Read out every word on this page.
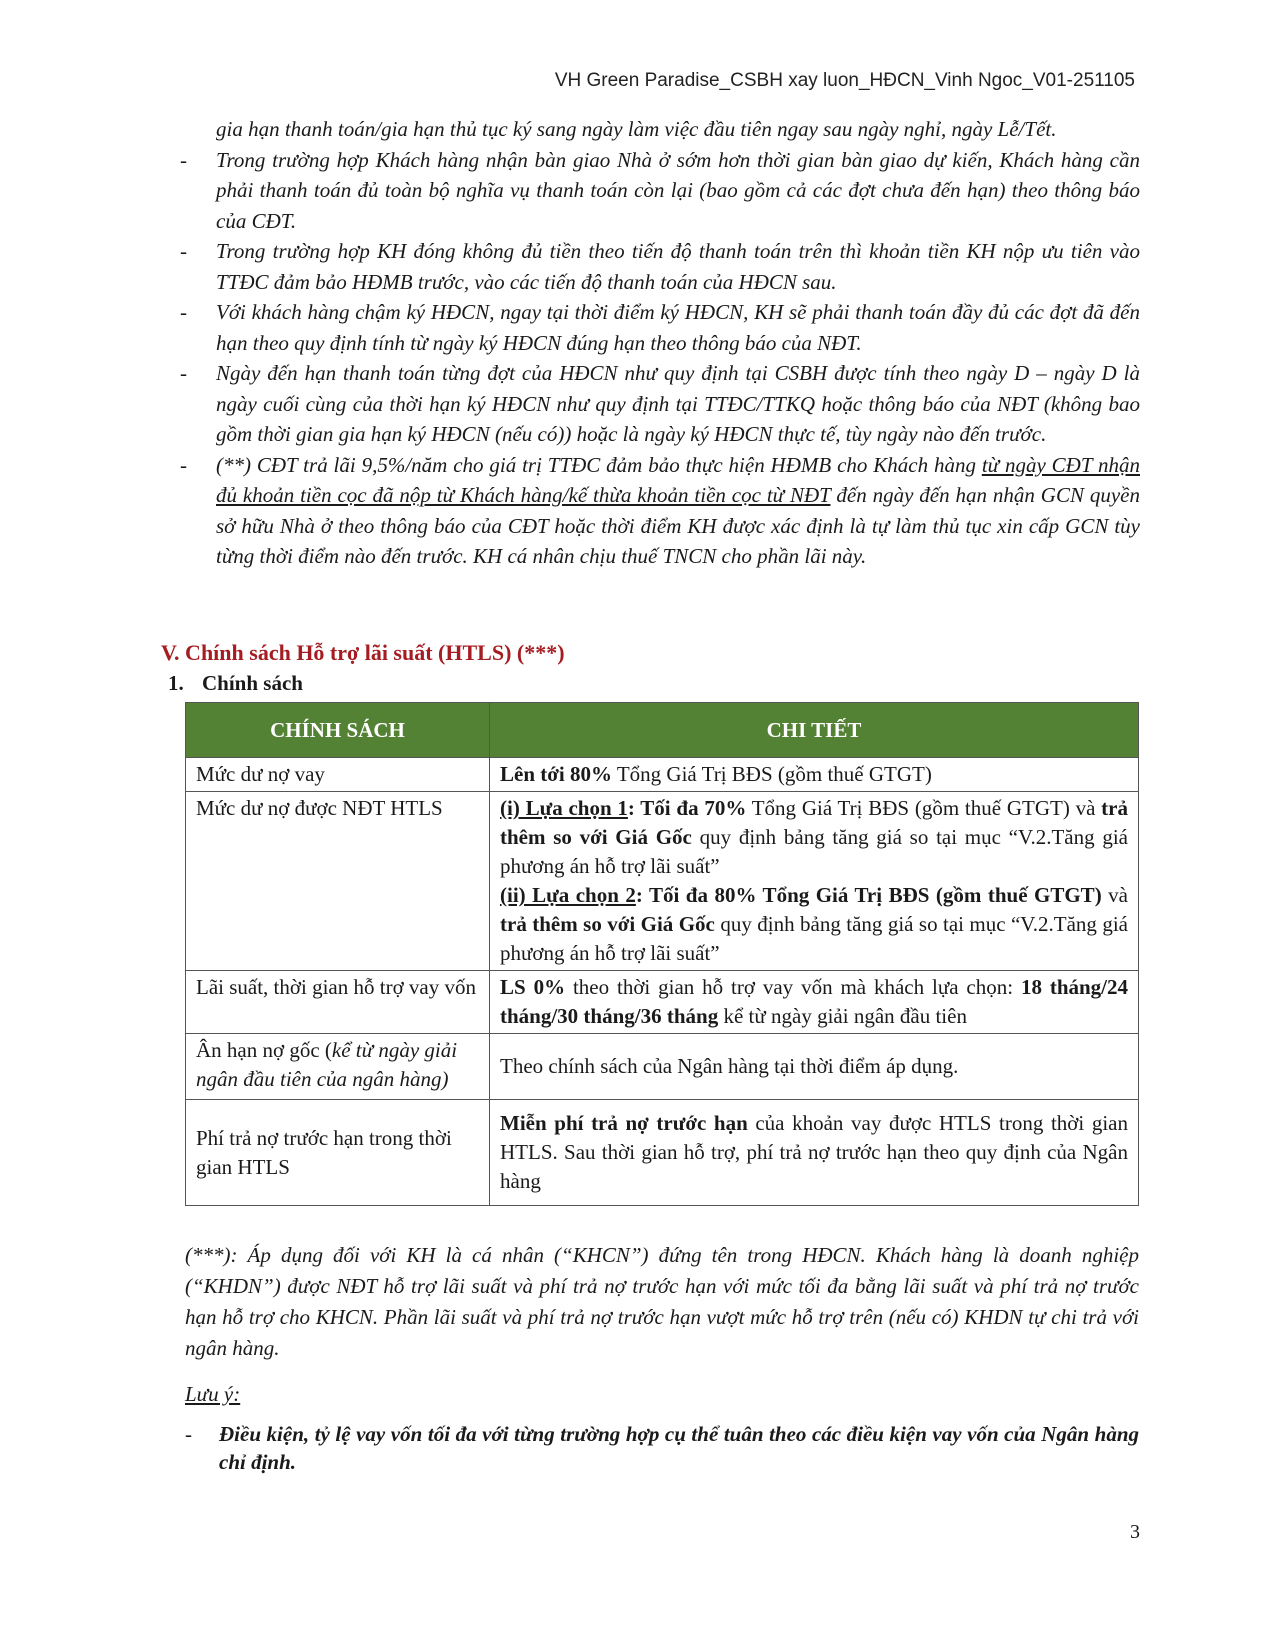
VH Green Paradise_CSBH xay luon_HĐCN_Vinh Ngoc_V01-251105
gia hạn thanh toán/gia hạn thủ tục ký sang ngày làm việc đầu tiên ngay sau ngày nghỉ, ngày Lễ/Tết.
- Trong trường hợp Khách hàng nhận bàn giao Nhà ở sớm hơn thời gian bàn giao dự kiến, Khách hàng cần phải thanh toán đủ toàn bộ nghĩa vụ thanh toán còn lại (bao gồm cả các đợt chưa đến hạn) theo thông báo của CĐT.
- Trong trường hợp KH đóng không đủ tiền theo tiến độ thanh toán trên thì khoản tiền KH nộp ưu tiên vào TTĐC đảm bảo HĐMB trước, vào các tiến độ thanh toán của HĐCN sau.
- Với khách hàng chậm ký HĐCN, ngay tại thời điểm ký HĐCN, KH sẽ phải thanh toán đầy đủ các đợt đã đến hạn theo quy định tính từ ngày ký HĐCN đúng hạn theo thông báo của NĐT.
- Ngày đến hạn thanh toán từng đợt của HĐCN như quy định tại CSBH được tính theo ngày D – ngày D là ngày cuối cùng của thời hạn ký HĐCN như quy định tại TTĐC/TTKQ hoặc thông báo của NĐT (không bao gồm thời gian gia hạn ký HĐCN (nếu có)) hoặc là ngày ký HĐCN thực tế, tùy ngày nào đến trước.
- (**) CĐT trả lãi 9,5%/năm cho giá trị TTĐC đảm bảo thực hiện HĐMB cho Khách hàng từ ngày CĐT nhận đủ khoản tiền cọc đã nộp từ Khách hàng/kế thừa khoản tiền cọc từ NĐT đến ngày đến hạn nhận GCN quyền sở hữu Nhà ở theo thông báo của CĐT hoặc thời điểm KH được xác định là tự làm thủ tục xin cấp GCN tùy từng thời điểm nào đến trước. KH cá nhân chịu thuế TNCN cho phần lãi này.
V. Chính sách Hỗ trợ lãi suất (HTLS) (***)
1. Chính sách
CHÍNH SÁCH	CHI TIẾT
Mức dư nợ vay	Lên tới 80% Tổng Giá Trị BĐS (gồm thuế GTGT)
Mức dư nợ được NĐT HTLS	(i) Lựa chọn 1: Tối đa 70% Tổng Giá Trị BĐS (gồm thuế GTGT) và trả thêm so với Giá Gốc quy định bảng tăng giá so tại mục “V.2.Tăng giá phương án hỗ trợ lãi suất”
(ii) Lựa chọn 2: Tối đa 80% Tổng Giá Trị BĐS (gồm thuế GTGT) và trả thêm so với Giá Gốc quy định bảng tăng giá so tại mục “V.2.Tăng giá phương án hỗ trợ lãi suất”

Lãi suất, thời gian hỗ trợ vay vốn	LS 0% theo thời gian hỗ trợ vay vốn mà khách lựa chọn: 18 tháng/24 tháng/30 tháng/36 tháng kể từ ngày giải ngân đầu tiên
Ân hạn nợ gốc (kể từ ngày giải ngân đầu tiên của ngân hàng)	Theo chính sách của Ngân hàng tại thời điểm áp dụng.
Phí trả nợ trước hạn trong thời gian HTLS	Miễn phí trả nợ trước hạn của khoản vay được HTLS trong thời gian HTLS. Sau thời gian hỗ trợ, phí trả nợ trước hạn theo quy định của Ngân hàng
(***): Áp dụng đối với KH là cá nhân (“KHCN”) đứng tên trong HĐCN. Khách hàng là doanh nghiệp (“KHDN”) được NĐT hỗ trợ lãi suất và phí trả nợ trước hạn với mức tối đa bằng lãi suất và phí trả nợ trước hạn hỗ trợ cho KHCN. Phần lãi suất và phí trả nợ trước hạn vượt mức hỗ trợ trên (nếu có) KHDN tự chi trả với ngân hàng.
Lưu ý:
- Điều kiện, tỷ lệ vay vốn tối đa với từng trường hợp cụ thể tuân theo các điều kiện vay vốn của Ngân hàng chỉ định.
3
